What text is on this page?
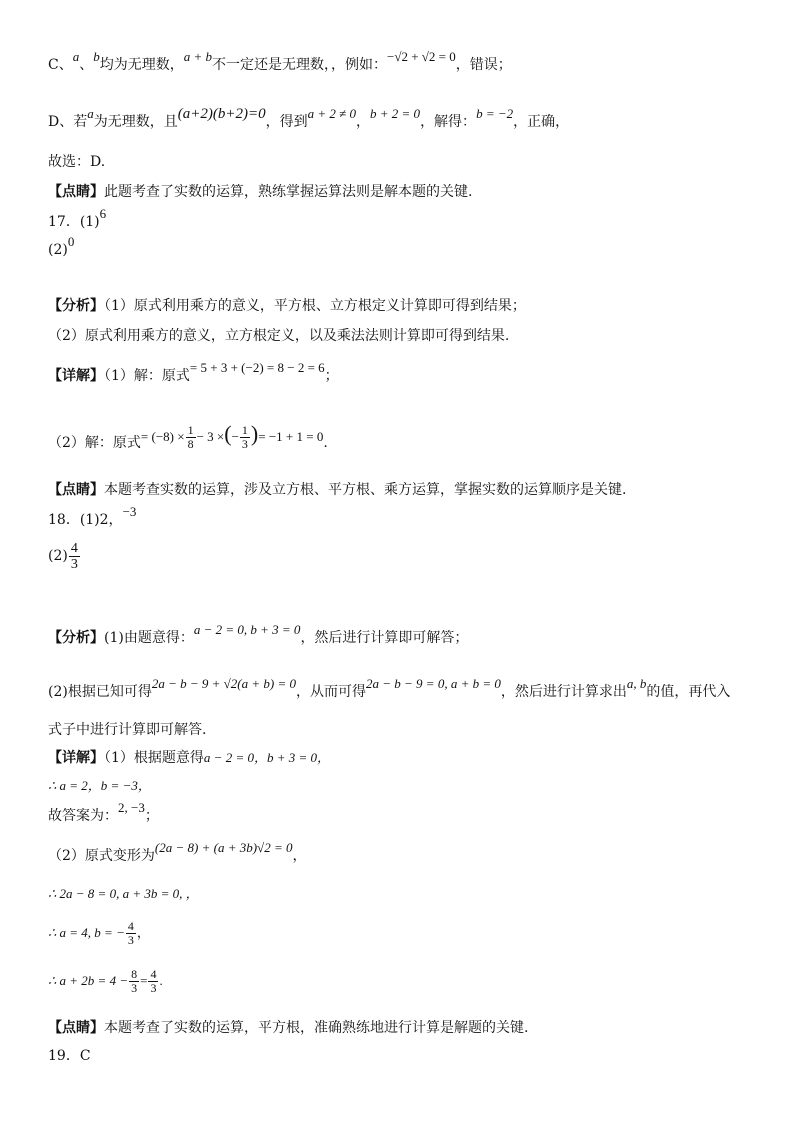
C、a、b均为无理数，a + b不一定还是无理数，，例如：−√2 + √2 = 0，错误；
D、若a为无理数，且(a+2)(b+2)=0，得到a + 2 ≠ 0，b + 2 = 0，解得：b = −2，正确，
故选：D.
【点睛】此题考查了实数的运算，熟练掌握运算法则是解本题的关键.
17．(1)6
(2)0
【分析】（1）原式利用乘方的意义，平方根、立方根定义计算即可得到结果；
（2）原式利用乘方的意义，立方根定义，以及乘法法则计算即可得到结果.
【详解】（1）解：原式= 5 + 3 + (−2) = 8 − 2 = 6；
（2）解：原式= $(-8) \times \frac{1}{8} - 3$ ×(− $\frac{1}{3}$ )= −1 + 1 = 0.
【点睛】本题考查实数的运算，涉及立方根、平方根、乘方运算，掌握实数的运算顺序是关键.
18．(1)2，−3
$(2) \frac{4}{3}$
【分析】(1)由题意得：a − 2 = 0, b + 3 = 0，然后进行计算即可解答；
(2)根据已知可得2a − b − 9 + √2(a + b) = 0，从而可得2a − b − 9 = 0, a + b = 0，然后进行计算求出a, b的值，再代入
式子中进行计算即可解答.
【详解】（1）根据题意得a − 2 = 0，b + 3 = 0，
∴ a = 2，b = −3，
故答案为：2, −3；
（2）原式变形为(2a − 8) + (a + 3b)√2 = 0，
∴ 2a − 8 = 0, a + 3b = 0, ，
∴ a = 4, b = − $\frac{4}{3}$ ，
∴ $a + 2b = 4 - \frac{8}{3} = \frac{4}{3}$ .
【点睛】本题考查了实数的运算，平方根，准确熟练地进行计算是解题的关键.
19．C
